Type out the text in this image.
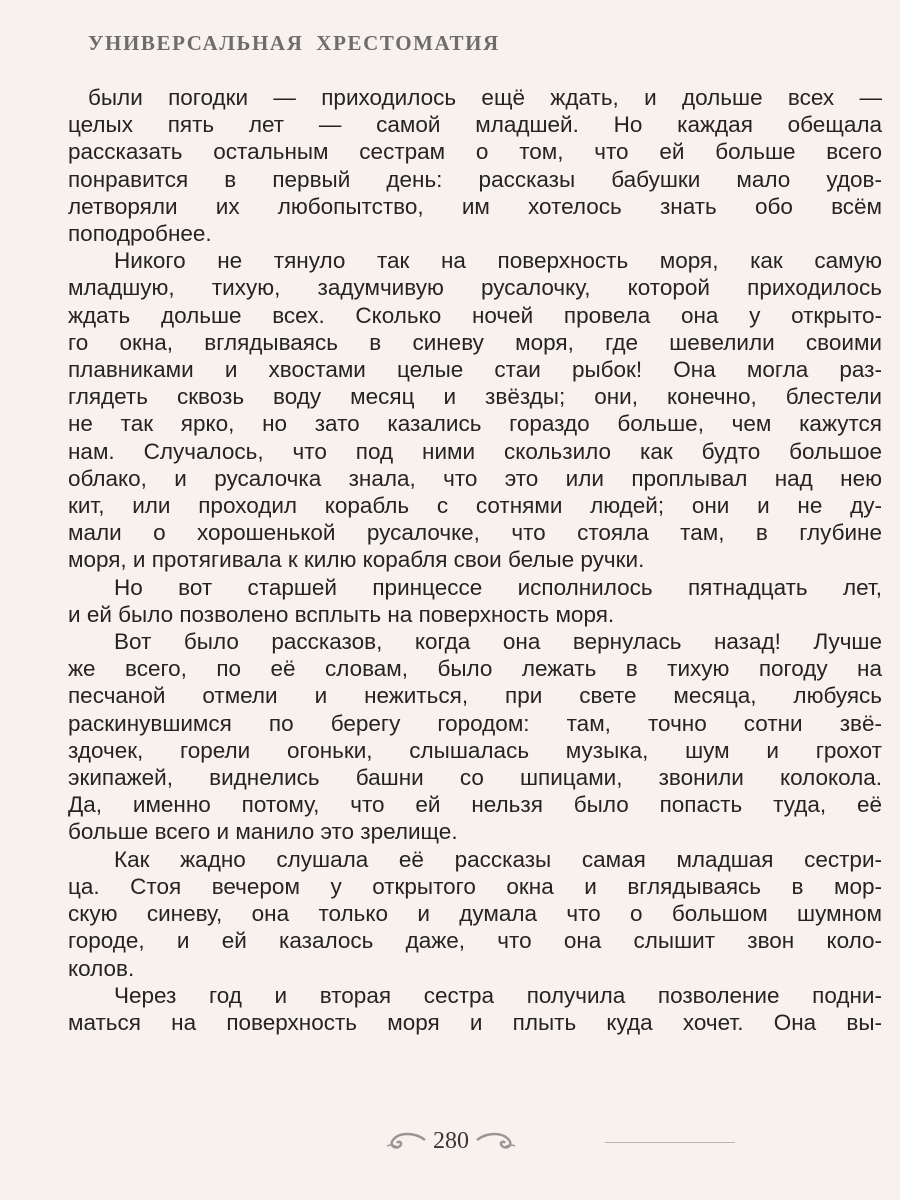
УНИВЕРСАЛЬНАЯ ХРЕСТОМАТИЯ
были погодки — приходилось ещё ждать, и дольше всех —
целых пять лет — самой младшей. Но каждая обещала
рассказать остальным сестрам о том, что ей больше всего
понравится в первый день: рассказы бабушки мало удов-
летворяли их любопытство, им хотелось знать обо всём
поподробнее.
Никого не тянуло так на поверхность моря, как самую
младшую, тихую, задумчивую русалочку, которой приходилось
ждать дольше всех. Сколько ночей провела она у открыто-
го окна, вглядываясь в синеву моря, где шевелили своими
плавниками и хвостами целые стаи рыбок! Она могла раз-
глядеть сквозь воду месяц и звёзды; они, конечно, блестели
не так ярко, но зато казались гораздо больше, чем кажутся
нам. Случалось, что под ними скользило как будто большое
облако, и русалочка знала, что это или проплывал над нею
кит, или проходил корабль с сотнями людей; они и не ду-
мали о хорошенькой русалочке, что стояла там, в глубине
моря, и протягивала к килю корабля свои белые ручки.
Но вот старшей принцессе исполнилось пятнадцать лет,
и ей было позволено всплыть на поверхность моря.
Вот было рассказов, когда она вернулась назад! Лучше
же всего, по её словам, было лежать в тихую погоду на
песчаной отмели и нежиться, при свете месяца, любуясь
раскинувшимся по берегу городом: там, точно сотни звё-
здочек, горели огоньки, слышалась музыка, шум и грохот
экипажей, виднелись башни со шпицами, звонили колокола.
Да, именно потому, что ей нельзя было попасть туда, её
больше всего и манило это зрелище.
Как жадно слушала её рассказы самая младшая сестри-
ца. Стоя вечером у открытого окна и вглядываясь в мор-
скую синеву, она только и думала что о большом шумном
городе, и ей казалось даже, что она слышит звон коло-
колов.
Через год и вторая сестра получила позволение подни-
маться на поверхность моря и плыть куда хочет. Она вы-
280
